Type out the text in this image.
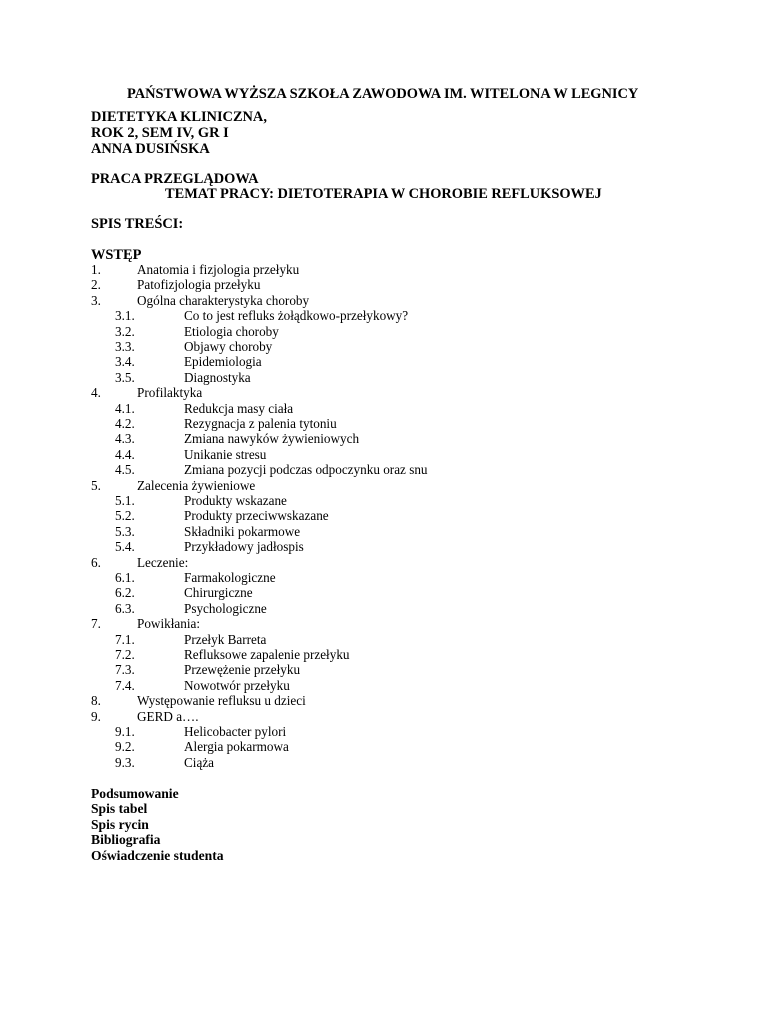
PAŃSTWOWA WYŻSZA SZKOŁA ZAWODOWA IM. WITELONA W LEGNICY
DIETETYKA KLINICZNA,
ROK 2, SEM IV, GR I
ANNA DUSIŃSKA
PRACA PRZEGLĄDOWA
TEMAT PRACY: DIETOTERAPIA W CHOROBIE REFLUKSOWEJ
SPIS TREŚCI:
WSTĘP
1.	Anatomia i fizjologia przełyku
2.	Patofizjologia przełyku
3.	Ogólna charakterystyka choroby
3.1.	Co to jest refluks żołądkowo-przełykowy?
3.2.	Etiologia choroby
3.3.	Objawy choroby
3.4.	Epidemiologia
3.5.	Diagnostyka
4.	Profilaktyka
4.1.	Redukcja masy ciała
4.2.	Rezygnacja z palenia tytoniu
4.3.	Zmiana nawyków żywieniowych
4.4.	Unikanie stresu
4.5.	Zmiana pozycji podczas odpoczynku oraz snu
5.	Zalecenia żywieniowe
5.1.	Produkty wskazane
5.2.	Produkty przeciwwskazane
5.3.	Składniki pokarmowe
5.4.	Przykładowy jadłospis
6.	Leczenie:
6.1.	Farmakologiczne
6.2.	Chirurgiczne
6.3.	Psychologiczne
7.	Powikłania:
7.1.	Przełyk Barreta
7.2.	Refluksowe zapalenie przełyku
7.3.	Przewężenie przełyku
7.4.	Nowotwór przełyku
8.	Występowanie refluksu u dzieci
9.	GERD a….
9.1.	Helicobacter pylori
9.2.	Alergia pokarmowa
9.3.	Ciąża
Podsumowanie
Spis tabel
Spis rycin
Bibliografia
Oświadczenie studenta
